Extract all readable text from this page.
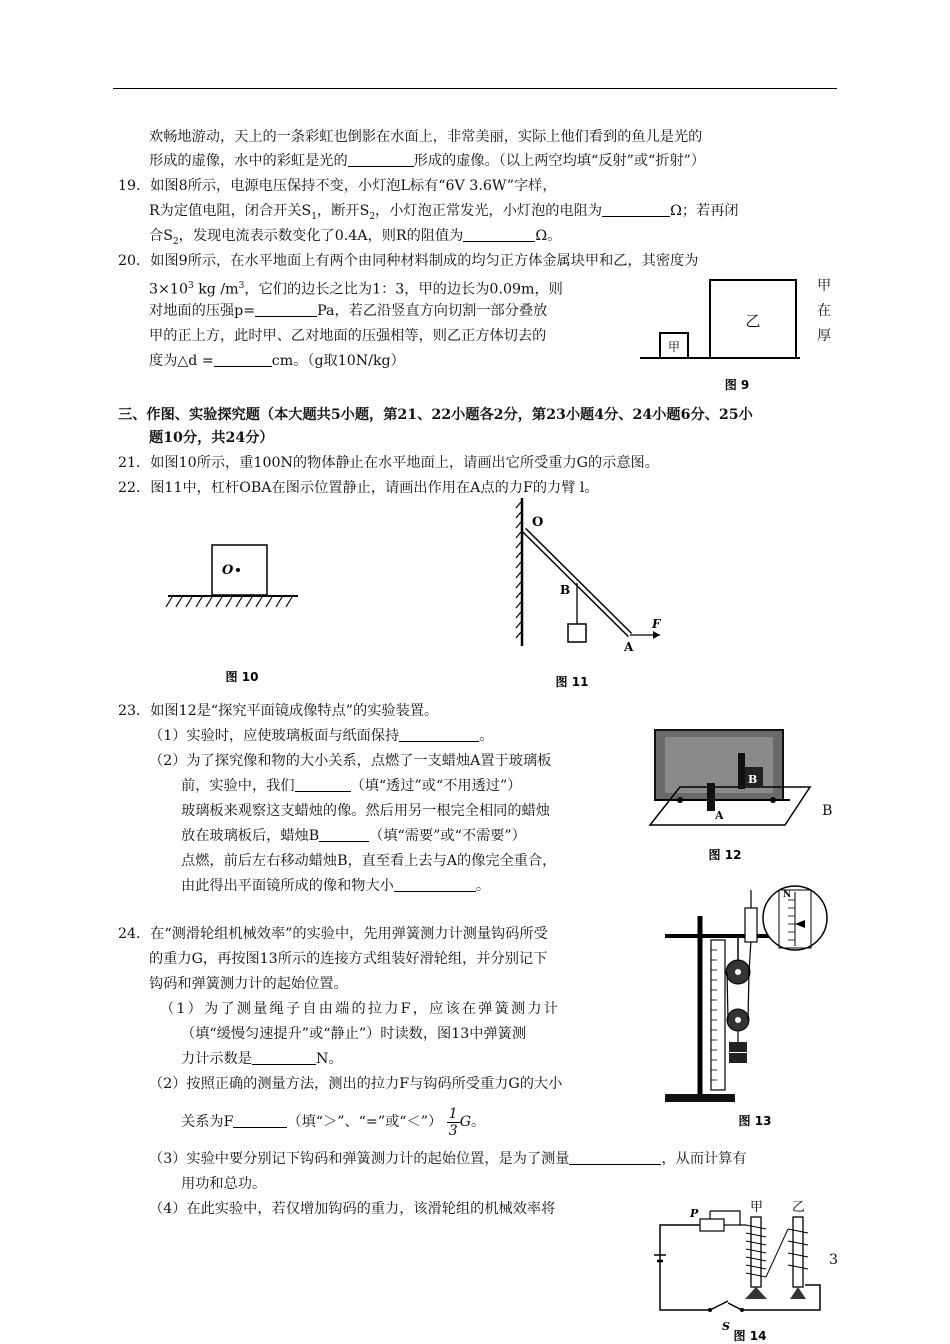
欢畅地游动，天上的一条彩虹也倒影在水面上，非常美丽，实际上他们看到的鱼儿是光的
形成的虚像，水中的彩虹是光的	形成的虚像。（以上两空均填“反射”或“折射”）
19．如图8所示，电源电压保持不变，小灯泡L标有“6V 3.6W”字样，
R为定值电阻，闭合开关$S_1$，断开$S_2$，小灯泡正常发光，小灯泡的电阻为	Ω；若再闭
合$S_2$，发现电流表示数变化了0.4A，则R的阻值为	Ω。
20．如图9所示，在水平地面上有两个由同种材料制成的均匀正方体金属块甲和乙，其密度为
$3\times 10^3$ kg $/m^3$，它们的边长之比为1：3，甲的边长为0.09m，则
对地面的压强p=	Pa，若乙沿竖直方向切割一部分叠放
甲的正上方，此时甲、乙对地面的压强相等，则乙正方体切去的
度为△d =	cm。（g取10N/kg）
甲
在
厚
乙
甲
图 9
三、作图、实验探究题（本大题共5小题，第21、22小题各2分，第23小题4分、24小题6分、25小
题10分，共24分）
21．如图10所示，重100N的物体静止在水平地面上，请画出它所受重力G的示意图。
22．图11中，杠杆OBA在图示位置静止，请画出作用在A点的力F的力臂 l。
O
图 10
O
B
F
A
图 11
23．如图12是“探究平面镜成像特点”的实验装置。
（1）实验时，应使玻璃板面与纸面保持	。
（2）为了探究像和物的大小关系，点燃了一支蜡烛A置于玻璃板
前，实验中，我们	（填“透过”或“不用透过”）
玻璃板来观察这支蜡烛的像。然后用另一根完全相同的蜡烛	B
放在玻璃板后，蜡烛B	（填“需要”或“不需要”）
点燃，前后左右移动蜡烛B，直至看上去与A的像完全重合，
由此得出平面镜所成的像和物大小	。
B
A
图 12
24．在“测滑轮组机械效率”的实验中，先用弹簧测力计测量钩码所受
的重力G，再按图13所示的连接方式组装好滑轮组，并分别记下
钩码和弹簧测力计的起始位置。
（1）为了测量绳子自由端的拉力F，应该在弹簧测力计
（填“缓慢匀速提升”或“静止”）时读数，图13中弹簧测
力计示数是	N。
（2）按照正确的测量方法，测出的拉力F与钩码所受重力G的大小
关系为F	（填“＞”、“=”或“＜”） $\frac{1}{3}$ G。
（3）实验中要分别记下钩码和弹簧测力计的起始位置，是为了测量	，从而计算有
用功和总功。
（4）在此实验中，若仅增加钩码的重力，该滑轮组的机械效率将
N
图 13
S
P	甲 乙
图 14
3
